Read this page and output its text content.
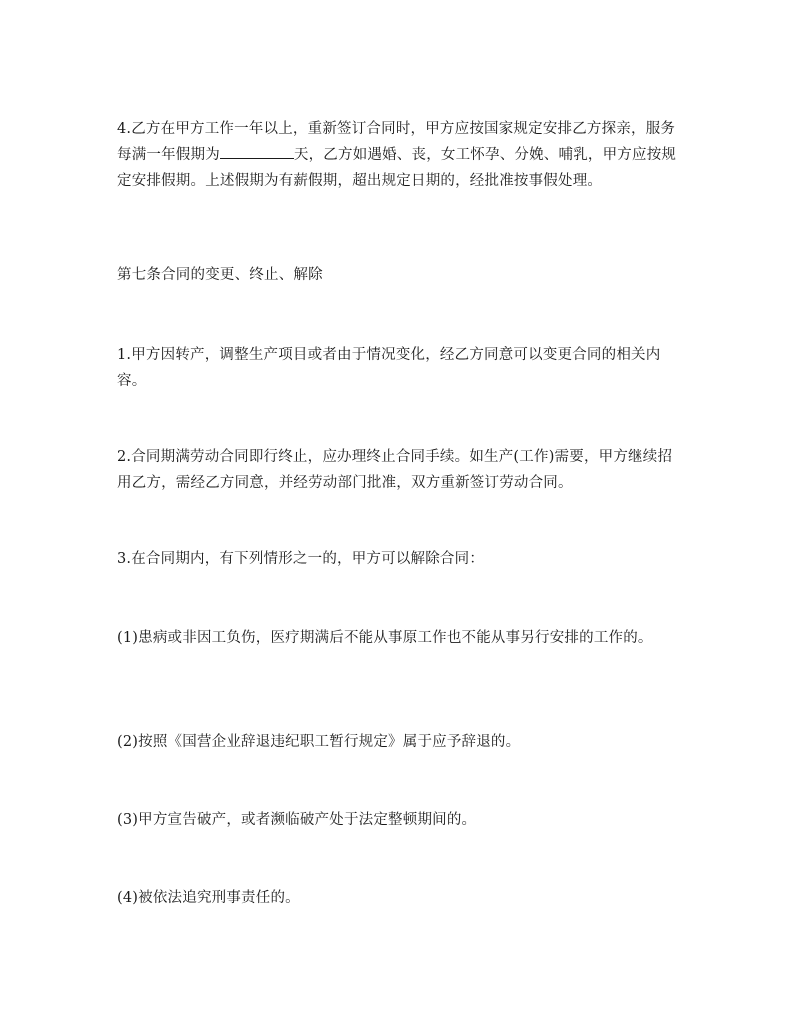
4.乙方在甲方工作一年以上，重新签订合同时，甲方应按国家规定安排乙方探亲，服务每满一年假期为	天，乙方如遇婚、丧，女工怀孕、分娩、哺乳，甲方应按规定安排假期。上述假期为有薪假期，超出规定日期的，经批准按事假处理。

第七条合同的变更、终止、解除

1.甲方因转产，调整生产项目或者由于情况变化，经乙方同意可以变更合同的相关内容。

2.合同期满劳动合同即行终止，应办理终止合同手续。如生产(工作)需要，甲方继续招用乙方，需经乙方同意，并经劳动部门批准，双方重新签订劳动合同。

3.在合同期内，有下列情形之一的，甲方可以解除合同：

(1)患病或非因工负伤，医疗期满后不能从事原工作也不能从事另行安排的工作的。

(2)按照《国营企业辞退违纪职工暂行规定》属于应予辞退的。

(3)甲方宣告破产，或者濒临破产处于法定整顿期间的。

(4)被依法追究刑事责任的。
